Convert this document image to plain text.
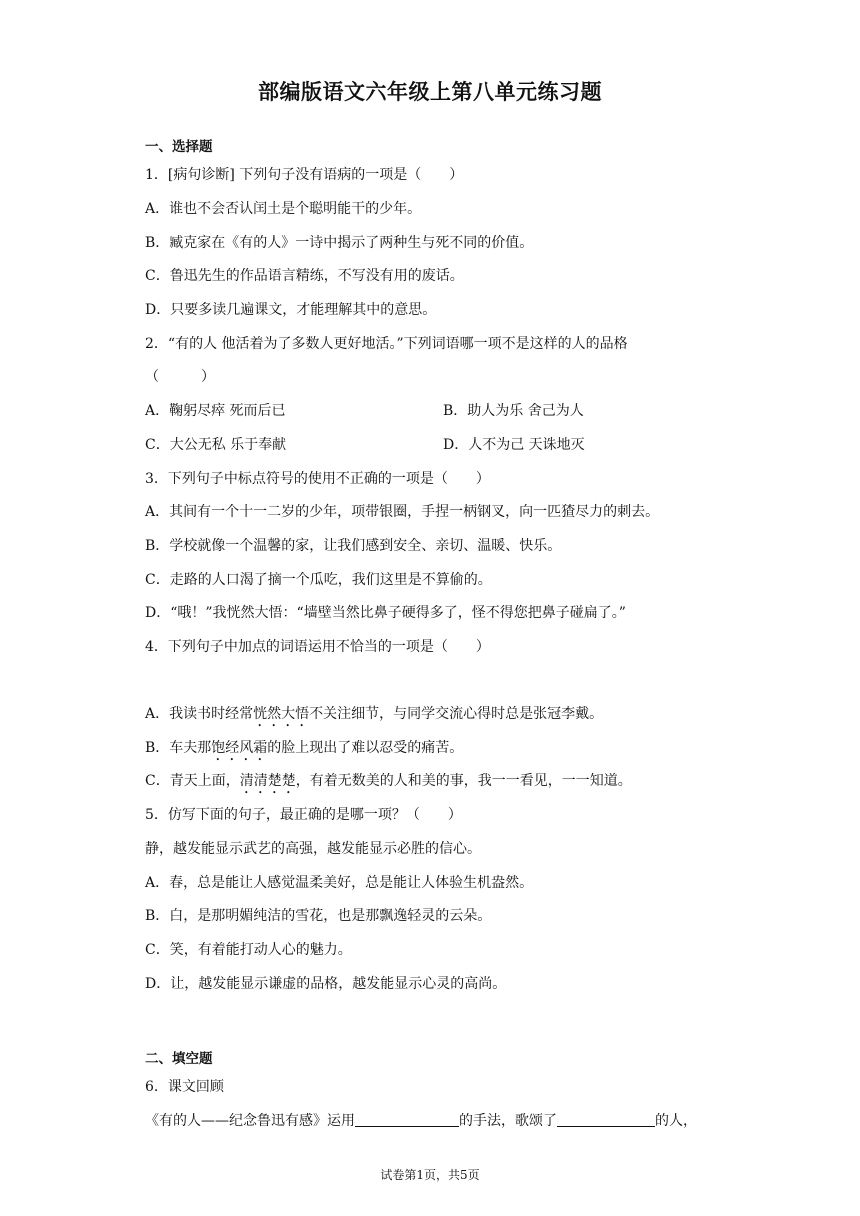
部编版语文六年级上第八单元练习题
一、选择题
1．[病句诊断] 下列句子没有语病的一项是（　　）
A．谁也不会否认闰土是个聪明能干的少年。
B．臧克家在《有的人》一诗中揭示了两种生与死不同的价值。
C．鲁迅先生的作品语言精练，不写没有用的废话。
D．只要多读几遍课文，才能理解其中的意思。
2．“有的人 他活着为了多数人更好地活。”下列词语哪一项不是这样的人的品格
（　　　）
A．鞠躬尽瘁 死而后已	B．助人为乐 舍己为人
C．大公无私 乐于奉献	D．人不为己 天诛地灭
3．下列句子中标点符号的使用不正确的一项是（　　）
A．其间有一个十一二岁的少年，项带银圈，手捏一柄钢叉，向一匹猹尽力的刺去。
B．学校就像一个温馨的家，让我们感到安全、亲切、温暖、快乐。
C．走路的人口渴了摘一个瓜吃，我们这里是不算偷的。
D．“哦！”我恍然大悟：“墙壁当然比鼻子硬得多了，怪不得您把鼻子碰扁了。”
4．下列句子中加点的词语运用不恰当的一项是（　　）
A．我读书时经常恍然大悟不关注细节，与同学交流心得时总是张冠李戴。
B．车夫那饱经风霜的脸上现出了难以忍受的痛苦。
C．青天上面，清清楚楚，有着无数美的人和美的事，我一一看见，一一知道。
5．仿写下面的句子，最正确的是哪一项？（　　）
静，越发能显示武艺的高强，越发能显示必胜的信心。
A．春，总是能让人感觉温柔美好，总是能让人体验生机盎然。
B．白，是那明媚纯洁的雪花，也是那飘逸轻灵的云朵。
C．笑，有着能打动人心的魅力。
D．让，越发能显示谦虚的品格，越发能显示心灵的高尚。
二、填空题
6．课文回顾
《有的人——纪念鲁迅有感》运用	的手法，歌颂了	的人，
试卷第1页，共5页
